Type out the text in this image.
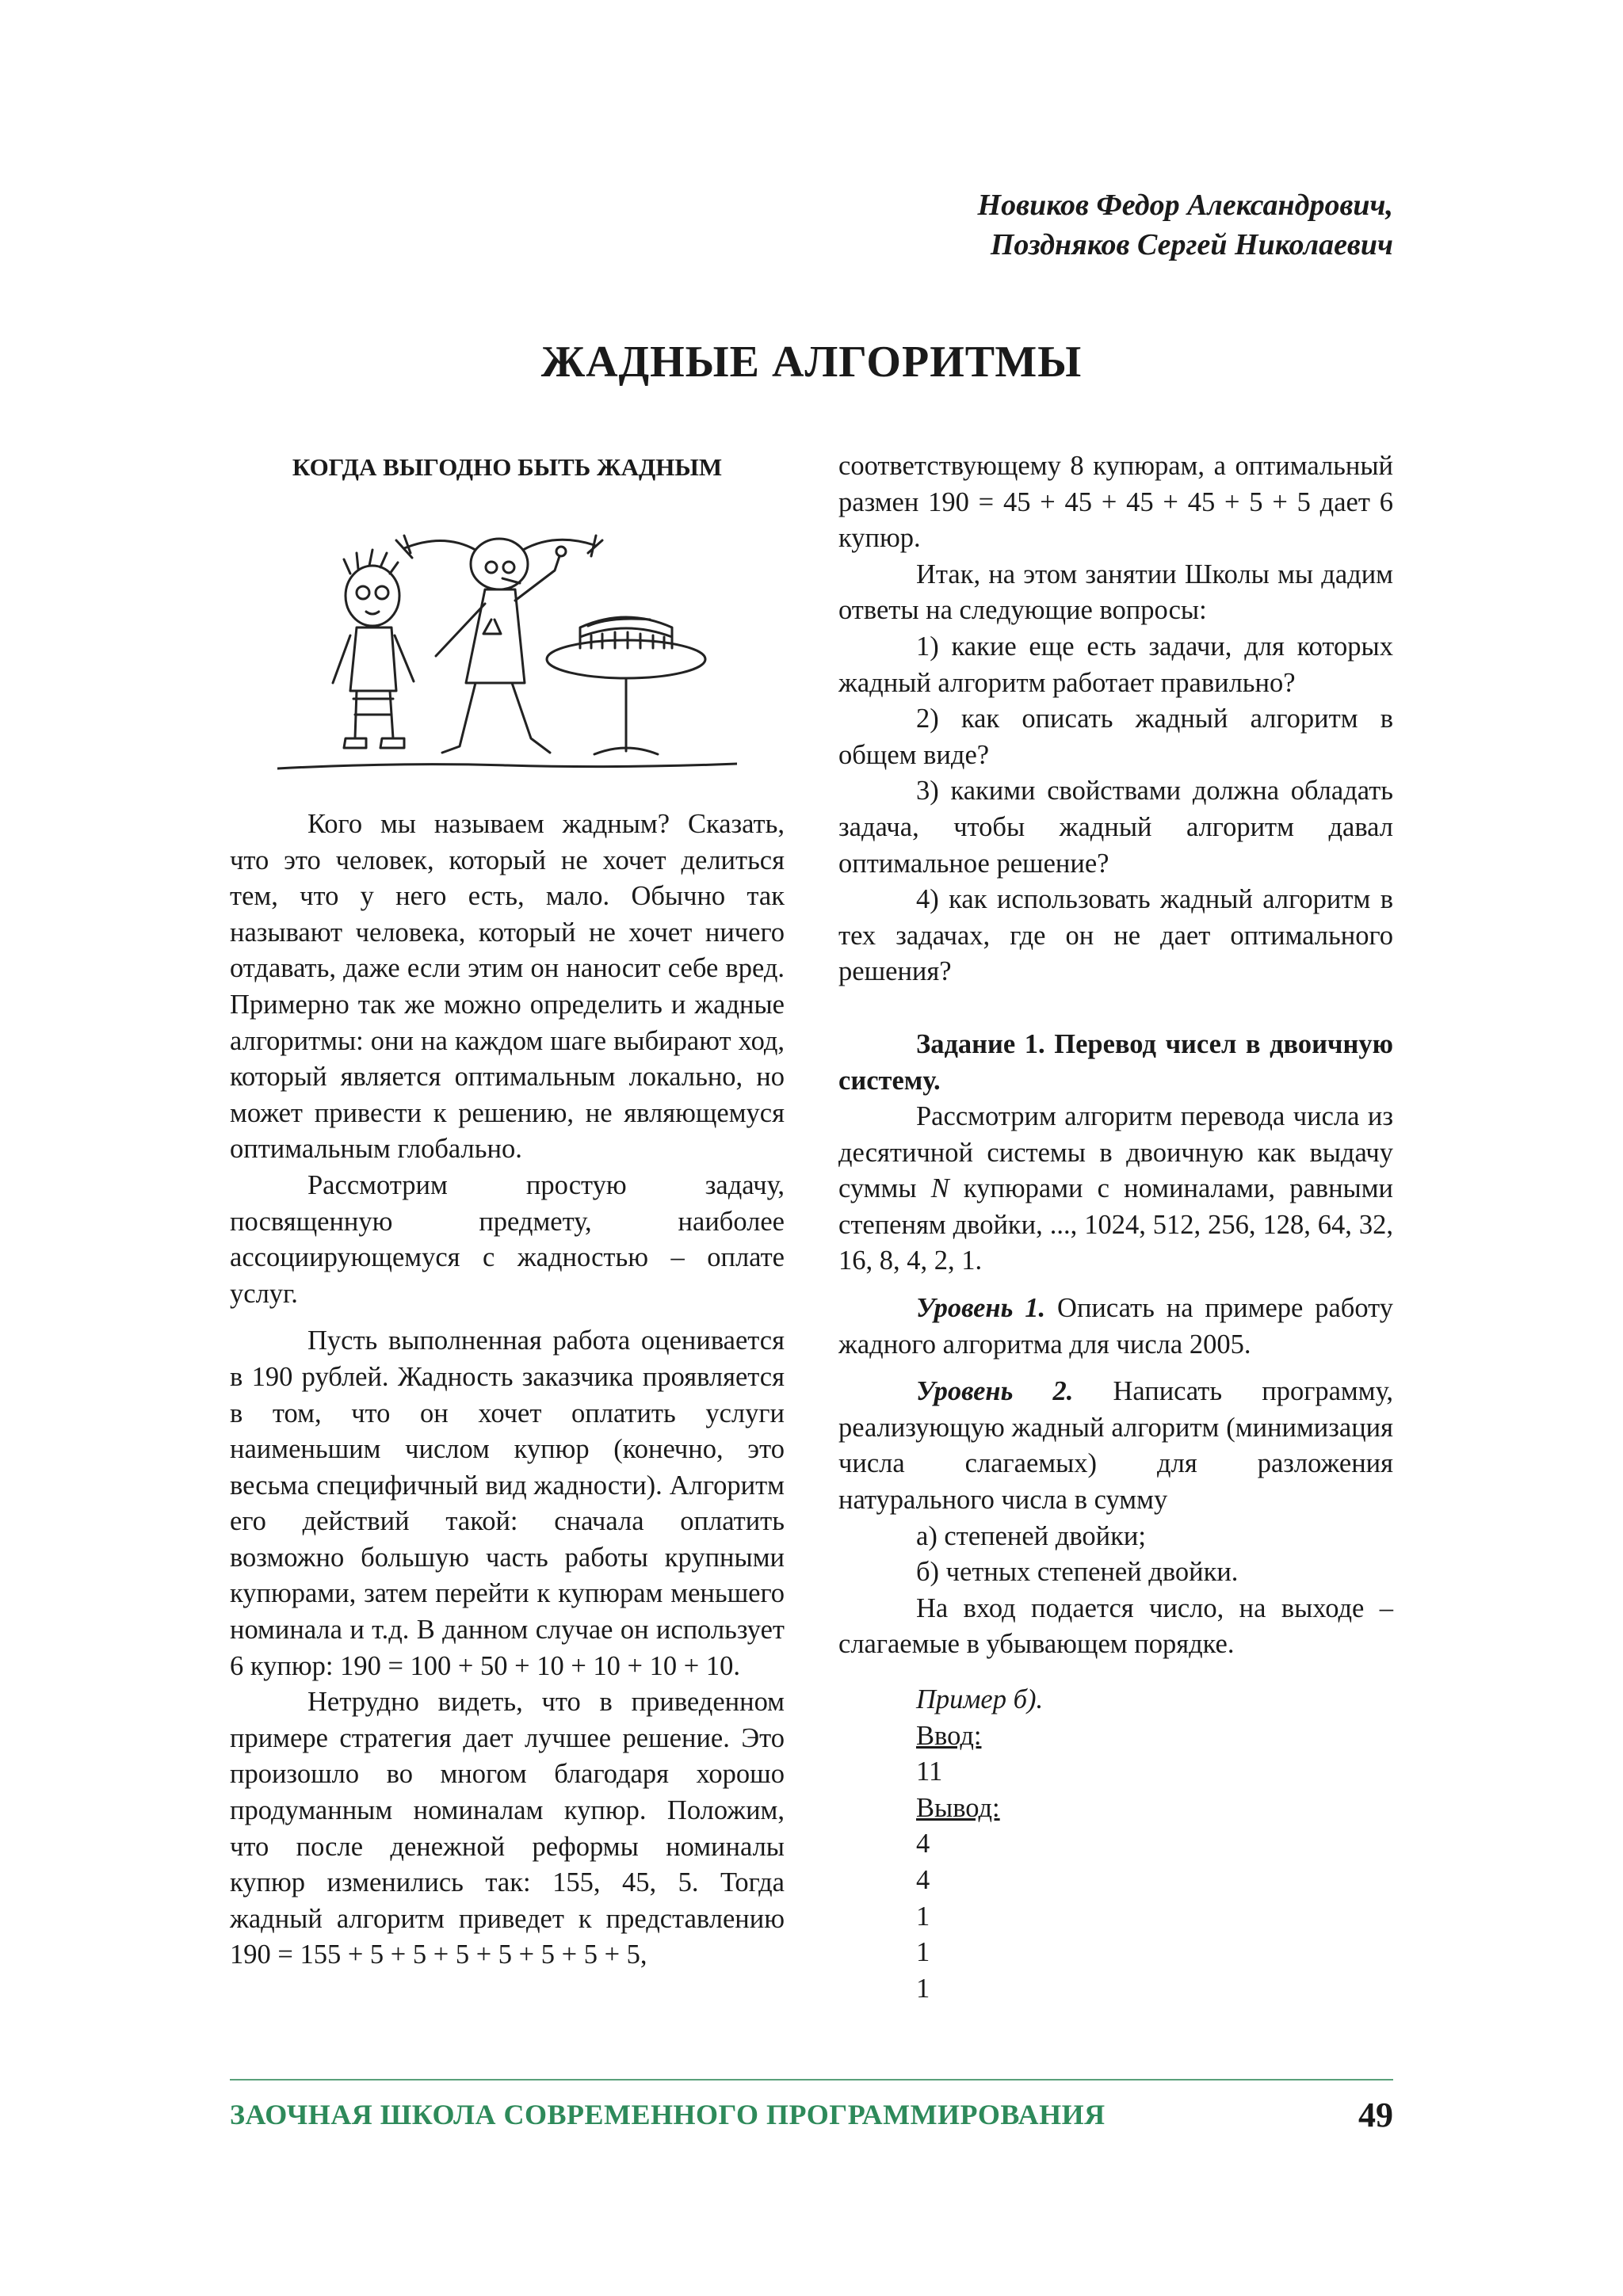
Новиков Федор Александрович,
Поздняков Сергей Николаевич
ЖАДНЫЕ АЛГОРИТМЫ
КОГДА ВЫГОДНО БЫТЬ ЖАДНЫМ

Кого мы называем жадным? Сказать, что это человек, который не хочет делиться тем, что у него есть, мало. Обычно так называют человека, который не хочет ничего отдавать, даже если этим он наносит себе вред. Примерно так же можно определить и жадные алгоритмы: они на каждом шаге выбирают ход, который является оптимальным локально, но может привести к решению, не являющемуся оптимальным глобально.

Рассмотрим простую задачу, посвященную предмету, наиболее ассоциирующемуся с жадностью – оплате услуг.

Пусть выполненная работа оценивается в 190 рублей. Жадность заказчика проявляется в том, что он хочет оплатить услуги наименьшим числом купюр (конечно, это весьма специфичный вид жадности). Алгоритм его действий такой: сначала оплатить возможно большую часть работы крупными купюрами, затем перейти к купюрам меньшего номинала и т.д. В данном случае он использует 6 купюр: 190 = 100 + 50 + 10 + 10 + 10 + 10.

Нетрудно видеть, что в приведенном примере стратегия дает лучшее решение. Это произошло во многом благодаря хорошо продуманным номиналам купюр. Положим, что после денежной реформы номиналы купюр изменились так: 155, 45, 5. Тогда жадный алгоритм приведет к представлению 190 = 155 + 5 + 5 + 5 + 5 + 5 + 5 + 5,

соответствующему 8 купюрам, а оптимальный размен 190 = 45 + 45 + 45 + 45 + 5 + 5 дает 6 купюр.

Итак, на этом занятии Школы мы дадим ответы на следующие вопросы:

1) какие еще есть задачи, для которых жадный алгоритм работает правильно?

2) как описать жадный алгоритм в общем виде?

3) какими свойствами должна обладать задача, чтобы жадный алгоритм давал оптимальное решение?

4) как использовать жадный алгоритм в тех задачах, где он не дает оптимального решения?

Задание 1. Перевод чисел в двоичную систему.

Рассмотрим алгоритм перевода числа из десятичной системы в двоичную как выдачу суммы N купюрами с номиналами, равными степеням двойки, ..., 1024, 512, 256, 128, 64, 32, 16, 8, 4, 2, 1.

Уровень 1. Описать на примере работу жадного алгоритма для числа 2005.

Уровень 2. Написать программу, реализующую жадный алгоритм (минимизация числа слагаемых) для разложения натурального числа в сумму

а) степеней двойки;

б) четных степеней двойки.

На вход подается число, на выходе – слагаемые в убывающем порядке.

Пример б).
Ввод:
11
Вывод:
4
4
1
1
1
ЗАОЧНАЯ ШКОЛА СОВРЕМЕННОГО ПРОГРАММИРОВАНИЯ	49
